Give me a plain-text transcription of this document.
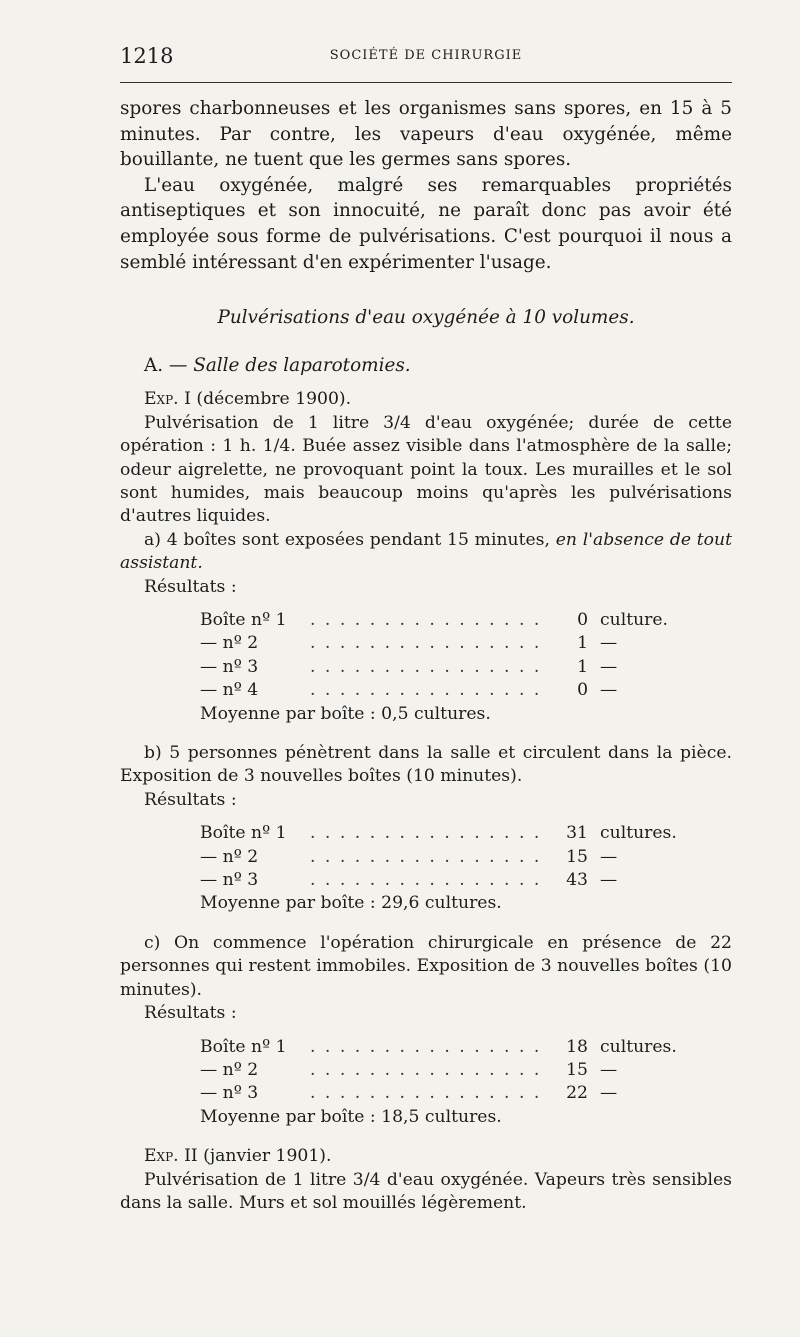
1218	SOCIÉTÉ DE CHIRURGIE

spores charbonneuses et les organismes sans spores, en 15 à 5 minutes. Par contre, les vapeurs d'eau oxygénée, même bouillante, ne tuent que les germes sans spores.

L'eau oxygénée, malgré ses remarquables propriétés antiseptiques et son innocuité, ne paraît donc pas avoir été employée sous forme de pulvérisations. C'est pourquoi il nous a semblé intéressant d'en expérimenter l'usage.

Pulvérisations d'eau oxygénée à 10 volumes.
A. — Salle des laparotomies.
Exp. I (décembre 1900).

Pulvérisation de 1 litre 3/4 d'eau oxygénée; durée de cette opération : 1 h. 1/4. Buée assez visible dans l'atmosphère de la salle; odeur aigrelette, ne provoquant point la toux. Les murailles et le sol sont humides, mais beaucoup moins qu'après les pulvérisations d'autres liquides.

a) 4 boîtes sont exposées pendant 15 minutes, en l'absence de tout assistant.

Résultats :
Boîte nº 1	. . . . . . . . . . . . . . . .	0	culture.
— nº 2	. . . . . . . . . . . . . . . .	1	—
— nº 3	. . . . . . . . . . . . . . . .	1	—
— nº 4	. . . . . . . . . . . . . . . .	0	—
Moyenne par boîte : 0,5 cultures.

b) 5 personnes pénètrent dans la salle et circulent dans la pièce. Exposition de 3 nouvelles boîtes (10 minutes).

Résultats :
Boîte nº 1	. . . . . . . . . . . . . . . .	31	cultures.
— nº 2	. . . . . . . . . . . . . . . .	15	—
— nº 3	. . . . . . . . . . . . . . . .	43	—
Moyenne par boîte : 29,6 cultures.

c) On commence l'opération chirurgicale en présence de 22 personnes qui restent immobiles. Exposition de 3 nouvelles boîtes (10 minutes).

Résultats :
Boîte nº 1	. . . . . . . . . . . . . . . .	18	cultures.
— nº 2	. . . . . . . . . . . . . . . .	15	—
— nº 3	. . . . . . . . . . . . . . . .	22	—
Moyenne par boîte : 18,5 cultures.
Exp. II (janvier 1901).

Pulvérisation de 1 litre 3/4 d'eau oxygénée. Vapeurs très sensibles dans la salle. Murs et sol mouillés légèrement.
